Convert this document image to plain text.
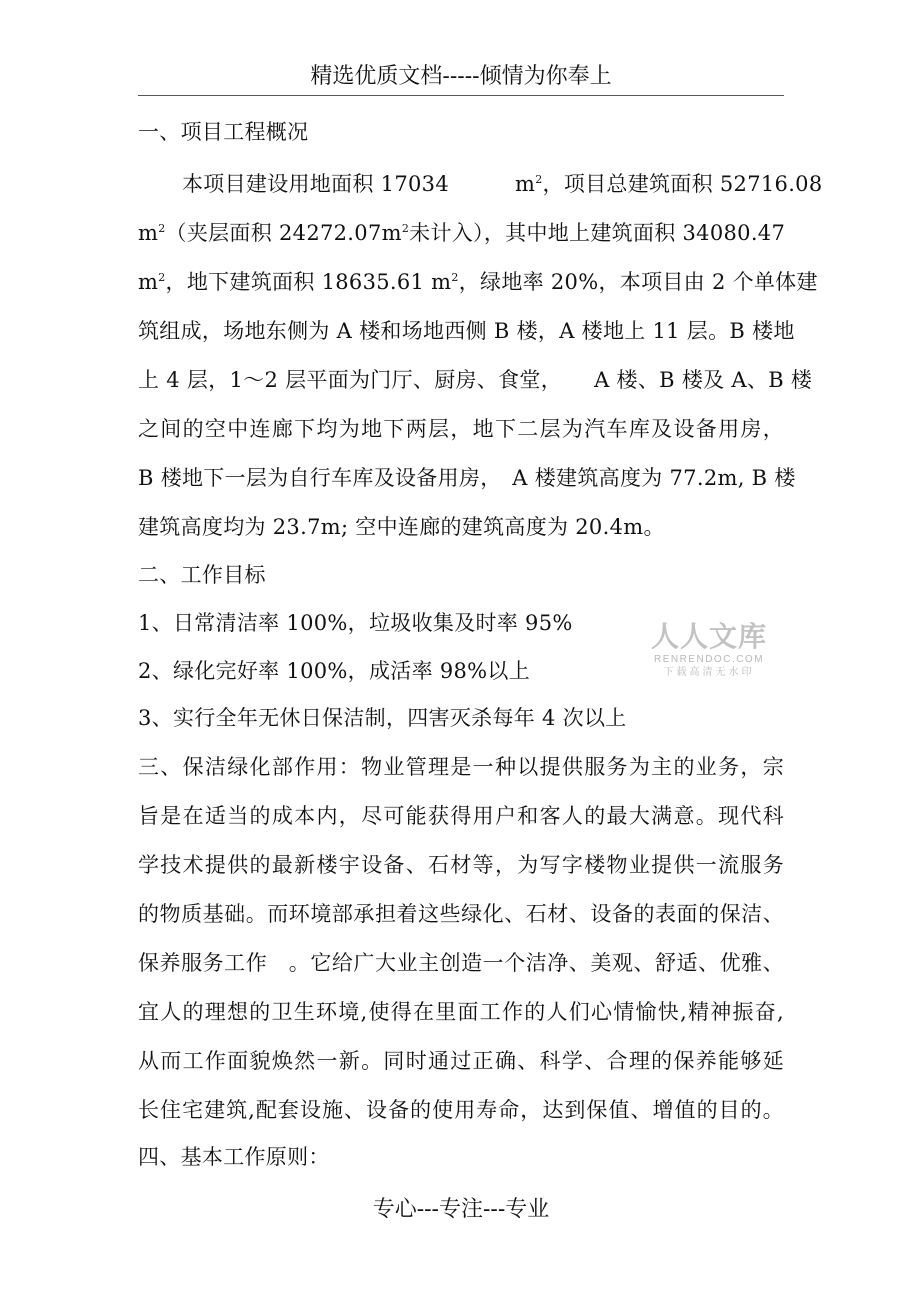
精选优质文档-----倾情为你奉上
一、项目工程概况
本项目建设用地面积 17034	$m^2$，项目总建筑面积 52716.08
$m^2$（夹层面积 $24272.07m^2$未计入），其中地上建筑面积 34080.47
$m^2$，地下建筑面积 18635.61 $m^2$，绿地率 20%，本项目由 2 个单体建
筑组成，场地东侧为 A 楼和场地西侧 B 楼，A 楼地上 11 层。B 楼地
上 4 层，1～2 层平面为门厅、厨房、食堂，　　A 楼、B 楼及 A、B 楼
之间的空中连廊下均为地下两层，地下二层为汽车库及设备用房，
B 楼地下一层为自行车库及设备用房，　A 楼建筑高度为 77.2m, B 楼
建筑高度均为 23.7m; 空中连廊的建筑高度为 20.4m。
二、工作目标
1、日常清洁率 100%，垃圾收集及时率 95%
2、绿化完好率 100%，成活率 98%以上
3、实行全年无休日保洁制，四害灭杀每年 4 次以上
三、保洁绿化部作用：物业管理是一种以提供服务为主的业务，宗
旨是在适当的成本内，尽可能获得用户和客人的最大满意。现代科
学技术提供的最新楼宇设备、石材等，为写字楼物业提供一流服务
的物质基础。而环境部承担着这些绿化、石材、设备的表面的保洁、
保养服务工作　。它给广大业主创造一个洁净、美观、舒适、优雅、
宜人的理想的卫生环境,使得在里面工作的人们心情愉快,精神振奋,
从而工作面貌焕然一新。同时通过正确、科学、合理的保养能够延
长住宅建筑,配套设施、设备的使用寿命，达到保值、增值的目的。
四、基本工作原则：
人人文库
RENRENDOC.COM
下载高清无水印
专心---专注---专业
